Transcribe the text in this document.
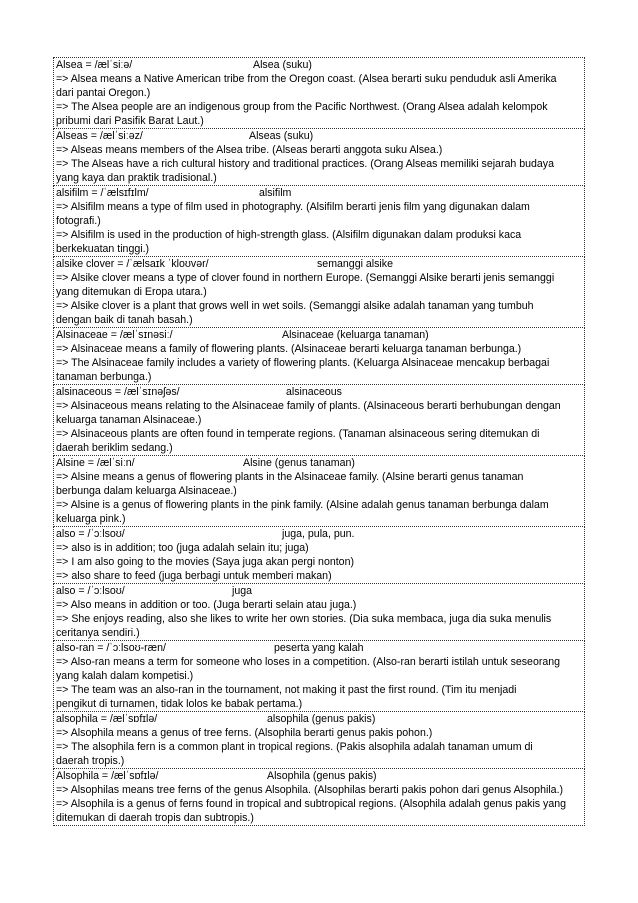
Alsea = /ælˈsiːə/	Alsea (suku)
=> Alsea means a Native American tribe from the Oregon coast. (Alsea berarti suku penduduk asli Amerika
dari pantai Oregon.)
=> The Alsea people are an indigenous group from the Pacific Northwest. (Orang Alsea adalah kelompok
pribumi dari Pasifik Barat Laut.)
Alseas = /ælˈsiːəz/	Alseas (suku)
=> Alseas means members of the Alsea tribe. (Alseas berarti anggota suku Alsea.)
=> The Alseas have a rich cultural history and traditional practices. (Orang Alseas memiliki sejarah budaya
yang kaya dan praktik tradisional.)
alsifilm = /ˈælsɪfɪlm/	alsifilm
=> Alsifilm means a type of film used in photography. (Alsifilm berarti jenis film yang digunakan dalam
fotografi.)
=> Alsifilm is used in the production of high-strength glass. (Alsifilm digunakan dalam produksi kaca
berkekuatan tinggi.)
alsike clover = /ˈælsaɪk ˈkloʊvər/	semanggi alsike
=> Alsike clover means a type of clover found in northern Europe. (Semanggi Alsike berarti jenis semanggi
yang ditemukan di Eropa utara.)
=> Alsike clover is a plant that grows well in wet soils. (Semanggi alsike adalah tanaman yang tumbuh
dengan baik di tanah basah.)
Alsinaceae = /ælˈsɪnəsiː/	Alsinaceae (keluarga tanaman)
=> Alsinaceae means a family of flowering plants. (Alsinaceae berarti keluarga tanaman berbunga.)
=> The Alsinaceae family includes a variety of flowering plants. (Keluarga Alsinaceae mencakup berbagai
tanaman berbunga.)
alsinaceous = /ælˈsɪnəʃəs/	alsinaceous
=> Alsinaceous means relating to the Alsinaceae family of plants. (Alsinaceous berarti berhubungan dengan
keluarga tanaman Alsinaceae.)
=> Alsinaceous plants are often found in temperate regions. (Tanaman alsinaceous sering ditemukan di
daerah beriklim sedang.)
Alsine = /ælˈsiːn/	Alsine (genus tanaman)
=> Alsine means a genus of flowering plants in the Alsinaceae family. (Alsine berarti genus tanaman
berbunga dalam keluarga Alsinaceae.)
=> Alsine is a genus of flowering plants in the pink family. (Alsine adalah genus tanaman berbunga dalam
keluarga pink.)
also = /ˈɔːlsoʊ/	juga, pula, pun.
=> also is in addition; too (juga adalah selain itu; juga)
=> I am also going to the movies (Saya juga akan pergi nonton)
=> also share to feed (juga berbagi untuk memberi makan)
also = /ˈɔːlsoʊ/	juga
=> Also means in addition or too. (Juga berarti selain atau juga.)
=> She enjoys reading, also she likes to write her own stories. (Dia suka membaca, juga dia suka menulis
ceritanya sendiri.)
also-ran = /ˈɔːlsoʊ-ræn/	peserta yang kalah
=> Also-ran means a term for someone who loses in a competition. (Also-ran berarti istilah untuk seseorang
yang kalah dalam kompetisi.)
=> The team was an also-ran in the tournament, not making it past the first round. (Tim itu menjadi
pengikut di turnamen, tidak lolos ke babak pertama.)
alsophila = /ælˈsɒfɪlə/	alsophila (genus pakis)
=> Alsophila means a genus of tree ferns. (Alsophila berarti genus pakis pohon.)
=> The alsophila fern is a common plant in tropical regions. (Pakis alsophila adalah tanaman umum di
daerah tropis.)
Alsophila = /ælˈsɒfɪlə/	Alsophila (genus pakis)
=> Alsophilas means tree ferns of the genus Alsophila. (Alsophilas berarti pakis pohon dari genus Alsophila.)
=> Alsophila is a genus of ferns found in tropical and subtropical regions. (Alsophila adalah genus pakis yang
ditemukan di daerah tropis dan subtropis.)
